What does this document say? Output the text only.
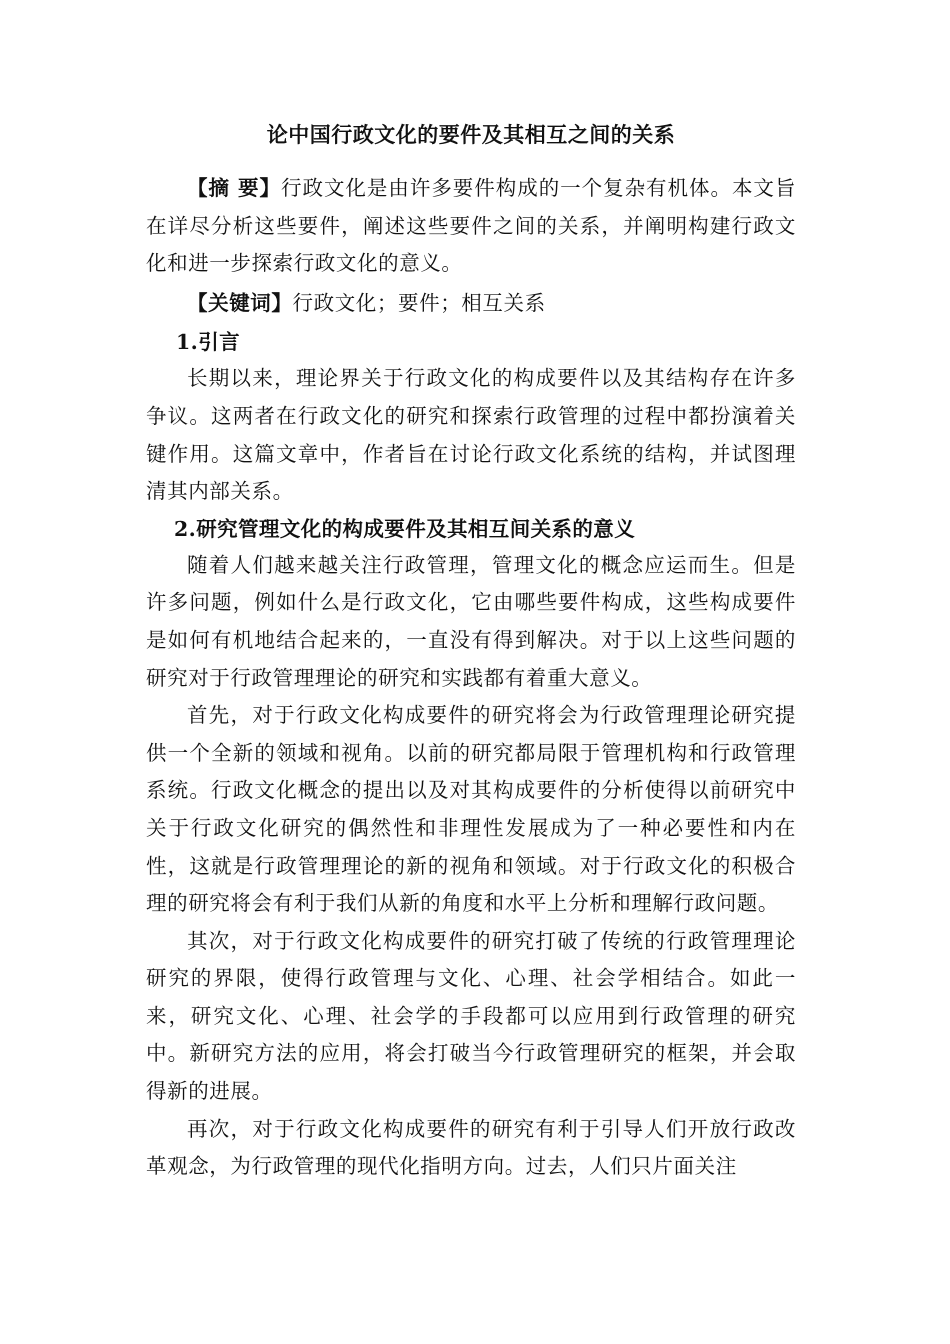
论中国行政文化的要件及其相互之间的关系

【摘 要】行政文化是由许多要件构成的一个复杂有机体。本文旨在详尽分析这些要件，阐述这些要件之间的关系，并阐明构建行政文化和进一步探索行政文化的意义。

【关键词】行政文化；要件；相互关系

1.引言

长期以来，理论界关于行政文化的构成要件以及其结构存在许多争议。这两者在行政文化的研究和探索行政管理的过程中都扮演着关键作用。这篇文章中，作者旨在讨论行政文化系统的结构，并试图理清其内部关系。

2.研究管理文化的构成要件及其相互间关系的意义

随着人们越来越关注行政管理，管理文化的概念应运而生。但是许多问题，例如什么是行政文化，它由哪些要件构成，这些构成要件是如何有机地结合起来的，一直没有得到解决。对于以上这些问题的研究对于行政管理理论的研究和实践都有着重大意义。

首先，对于行政文化构成要件的研究将会为行政管理理论研究提供一个全新的领域和视角。以前的研究都局限于管理机构和行政管理系统。行政文化概念的提出以及对其构成要件的分析使得以前研究中关于行政文化研究的偶然性和非理性发展成为了一种必要性和内在性，这就是行政管理理论的新的视角和领域。对于行政文化的积极合理的研究将会有利于我们从新的角度和水平上分析和理解行政问题。

其次，对于行政文化构成要件的研究打破了传统的行政管理理论研究的界限，使得行政管理与文化、心理、社会学相结合。如此一来，研究文化、心理、社会学的手段都可以应用到行政管理的研究中。新研究方法的应用，将会打破当今行政管理研究的框架，并会取得新的进展。

再次，对于行政文化构成要件的研究有利于引导人们开放行政改革观念，为行政管理的现代化指明方向。过去，人们只片面关注
